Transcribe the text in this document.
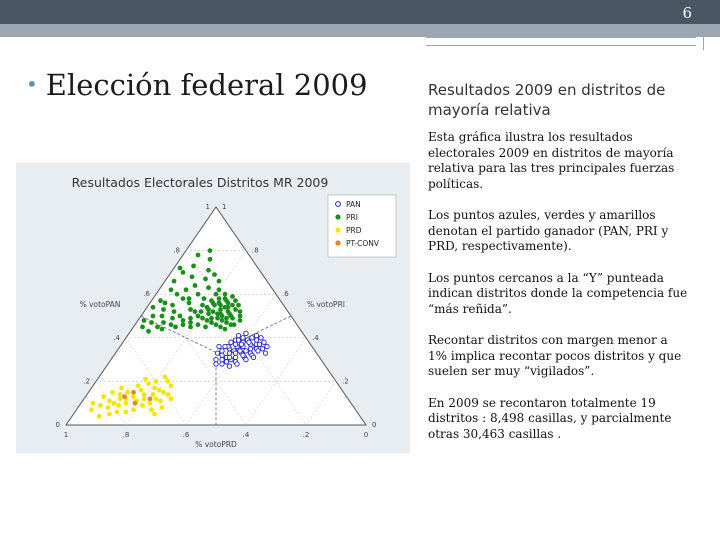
6
• Elección federal 2009	Resultados 2009 en distritos de mayoría relativa

Esta gráfica ilustra los resultados electorales 2009 en distritos de mayoría relativa para las tres principales fuerzas políticas.

Los puntos azules, verdes y amarillos denotan el partido ganador (PAN, PRI y PRD, respectivamente).

Los puntos cercanos a la “Y” punteada indican distritos donde la competencia fue “más reñida”.

Recontar distritos con margen menor a 1% implica recontar pocos distritos y que suelen ser muy “vigilados”.

En 2009 se recontaron totalmente 19 distritos : 8,498 casillas, y parcialmente otras 30,463 casillas .

Resultados Electorales Distritos MR 2009
0	0
1
.2	.2
.8
.4	.4
.6
.6	.6
.4
.8	.8
.2
1 1
0
% votoPAN	% votoPRI
% votoPRD
PAN
PRI
PRD
PT-CONV
